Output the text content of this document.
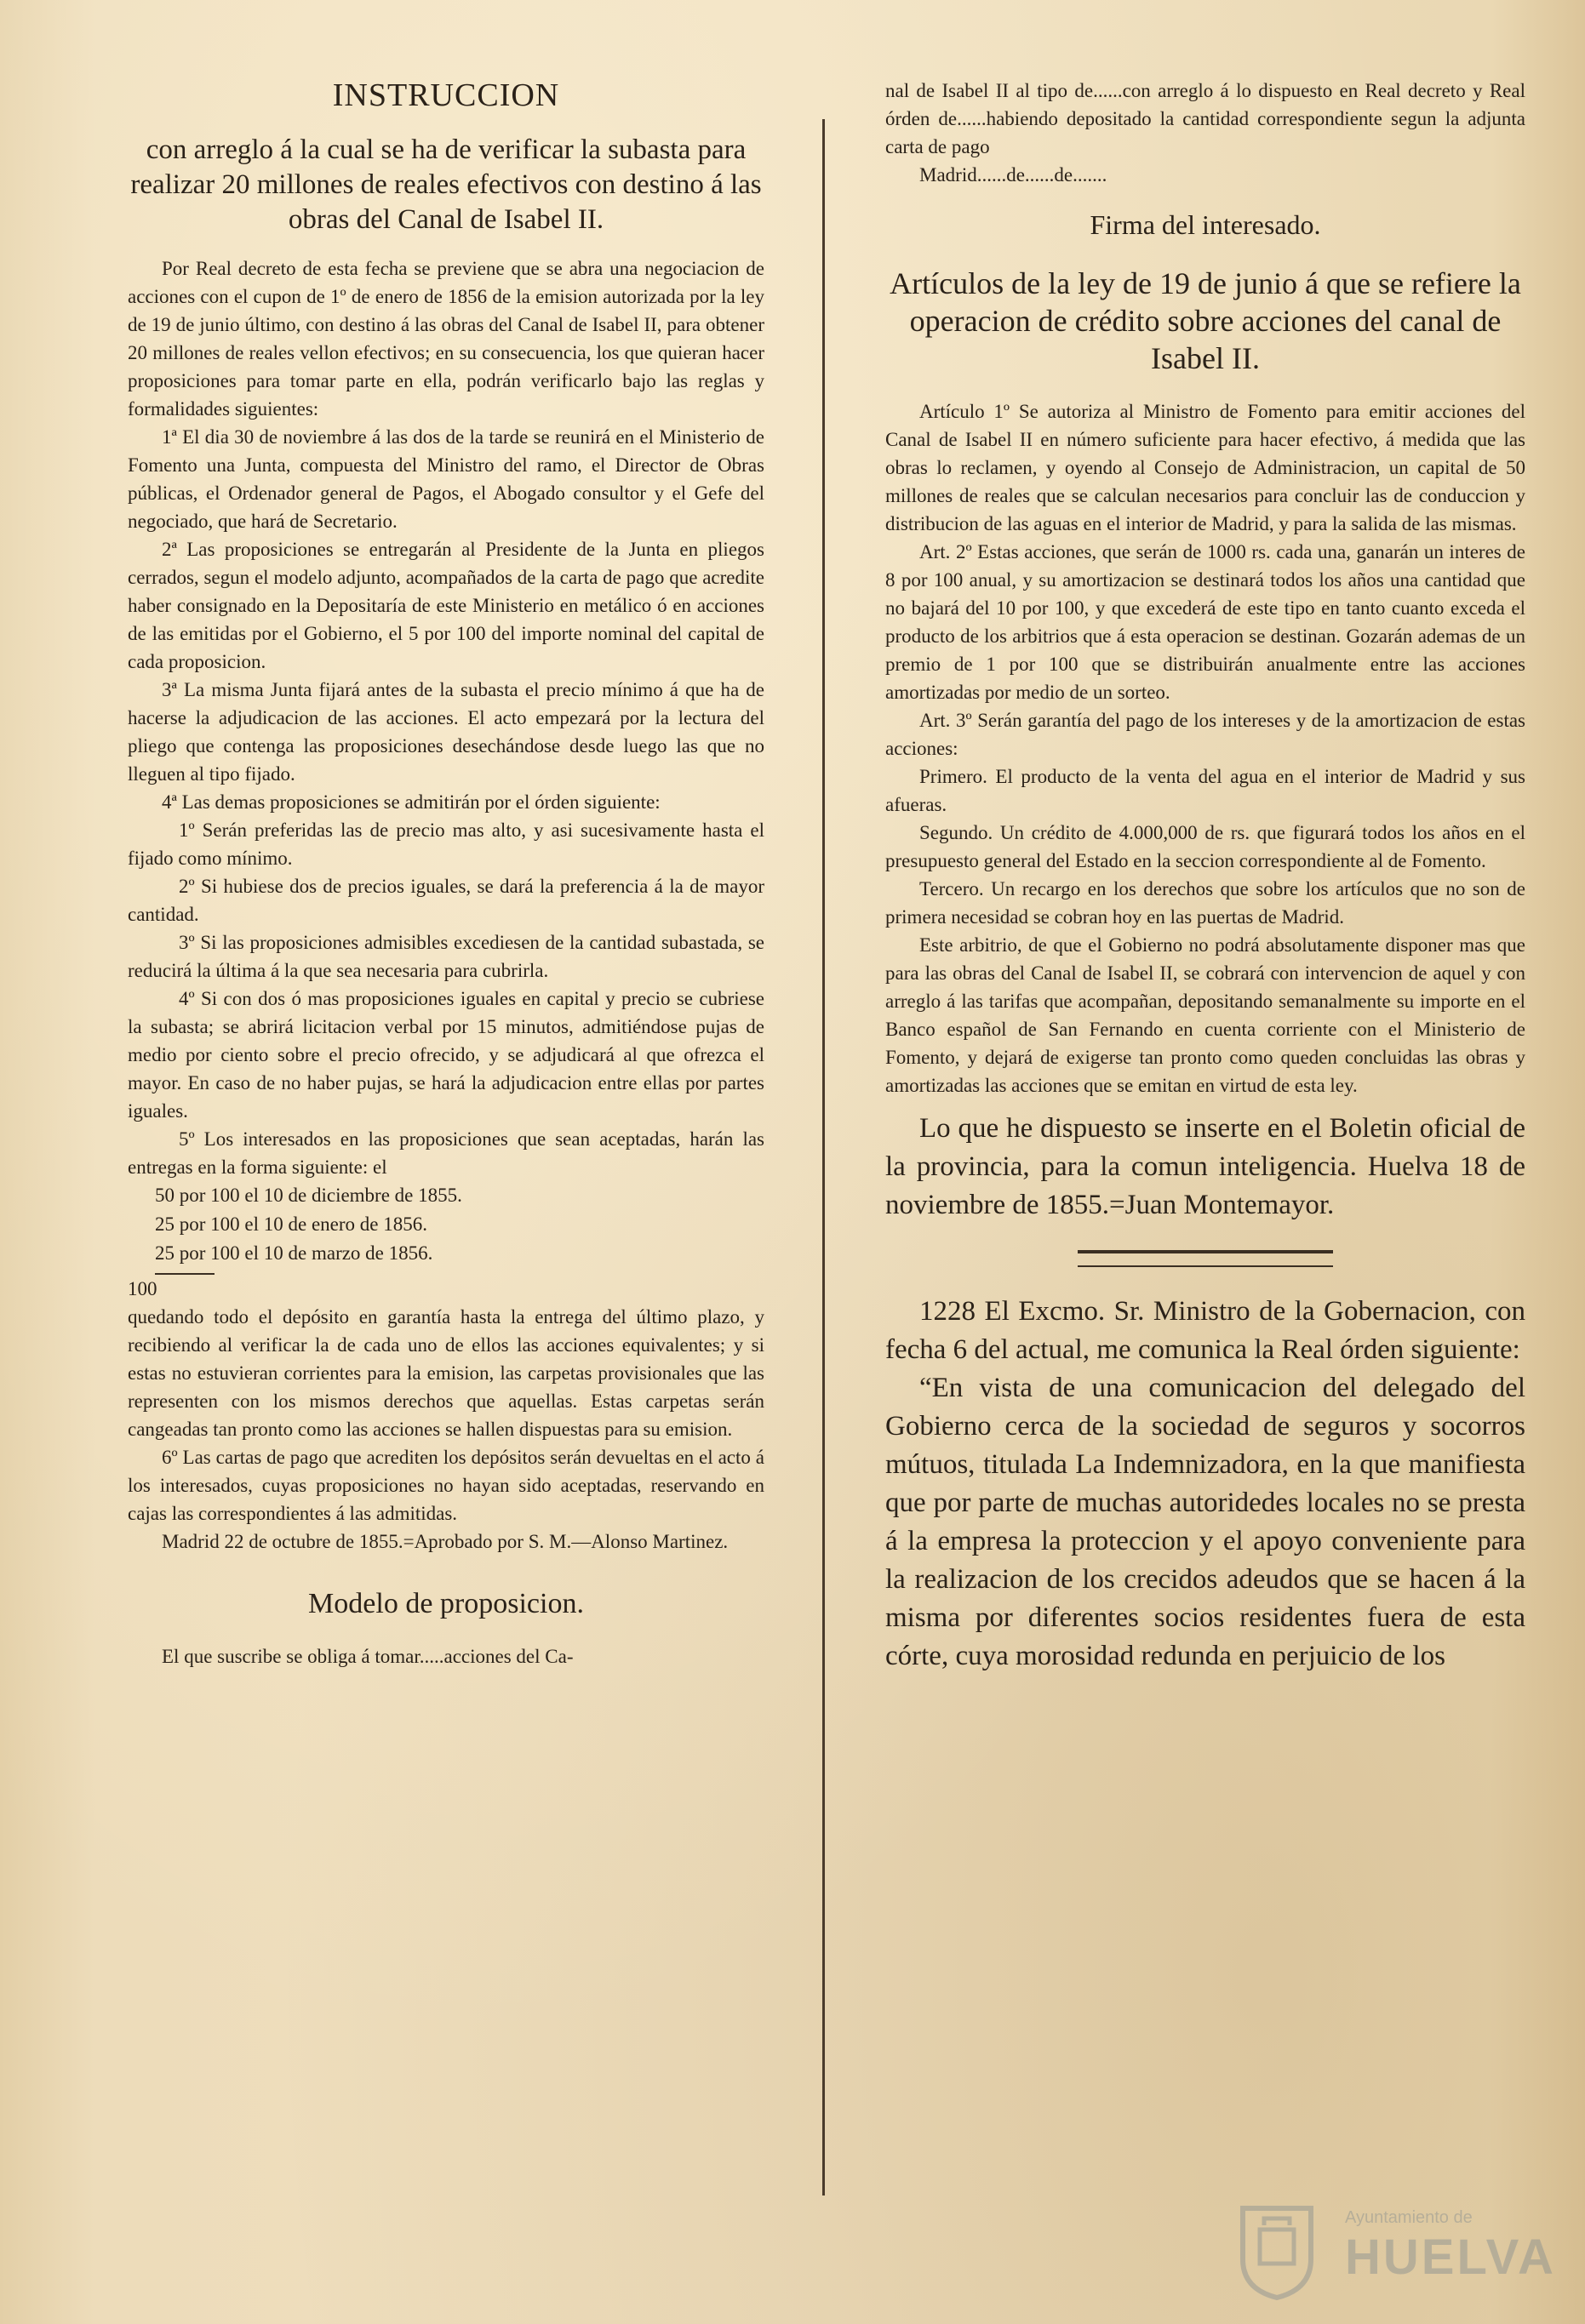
INSTRUCCION
con arreglo á la cual se ha de verificar la subasta para realizar 20 millones de reales efectivos con destino á las obras del Canal de Isabel II.

Por Real decreto de esta fecha se previene que se abra una negociacion de acciones con el cupon de 1º de enero de 1856 de la emision autorizada por la ley de 19 de junio último, con destino á las obras del Canal de Isabel II, para obtener 20 millones de reales vellon efectivos; en su consecuencia, los que quieran hacer proposiciones para tomar parte en ella, podrán verificarlo bajo las reglas y formalidades siguientes:

1ª El dia 30 de noviembre á las dos de la tarde se reunirá en el Ministerio de Fomento una Junta, compuesta del Ministro del ramo, el Director de Obras públicas, el Ordenador general de Pagos, el Abogado consultor y el Gefe del negociado, que hará de Secretario.

2ª Las proposiciones se entregarán al Presidente de la Junta en pliegos cerrados, segun el modelo adjunto, acompañados de la carta de pago que acredite haber consignado en la Depositaría de este Ministerio en metálico ó en acciones de las emitidas por el Gobierno, el 5 por 100 del importe nominal del capital de cada proposicion.

3ª La misma Junta fijará antes de la subasta el precio mínimo á que ha de hacerse la adjudicacion de las acciones. El acto empezará por la lectura del pliego que contenga las proposiciones desechándose desde luego las que no lleguen al tipo fijado.

4ª Las demas proposiciones se admitirán por el órden siguiente:

1º Serán preferidas las de precio mas alto, y asi sucesivamente hasta el fijado como mínimo.

2º Si hubiese dos de precios iguales, se dará la preferencia á la de mayor cantidad.

3º Si las proposiciones admisibles excediesen de la cantidad subastada, se reducirá la última á la que sea necesaria para cubrirla.

4º Si con dos ó mas proposiciones iguales en capital y precio se cubriese la subasta; se abrirá licitacion verbal por 15 minutos, admitiéndose pujas de medio por ciento sobre el precio ofrecido, y se adjudicará al que ofrezca el mayor. En caso de no haber pujas, se hará la adjudicacion entre ellas por partes iguales.

5º Los interesados en las proposiciones que sean aceptadas, harán las entregas en la forma siguiente: el

50 por 100 el 10 de diciembre de 1855.

25 por 100 el 10 de enero de 1856.

25 por 100 el 10 de marzo de 1856.

100

quedando todo el depósito en garantía hasta la entrega del último plazo, y recibiendo al verificar la de cada uno de ellos las acciones equivalentes; y si estas no estuvieran corrientes para la emision, las carpetas provisionales que las representen con los mismos derechos que aquellas. Estas carpetas serán cangeadas tan pronto como las acciones se hallen dispuestas para su emision.

6º Las cartas de pago que acrediten los depósitos serán devueltas en el acto á los interesados, cuyas proposiciones no hayan sido aceptadas, reservando en cajas las correspondientes á las admitidas.

Madrid 22 de octubre de 1855.=Aprobado por S. M.—Alonso Martinez.

Modelo de proposicion.

El que suscribe se obliga á tomar.....acciones del Ca-

nal de Isabel II al tipo de......con arreglo á lo dispuesto en Real decreto y Real órden de......habiendo depositado la cantidad correspondiente segun la adjunta carta de pago

Madrid......de......de.......

Firma del interesado.
Artículos de la ley de 19 de junio á que se refiere la operacion de crédito sobre acciones del canal de Isabel II.

Artículo 1º Se autoriza al Ministro de Fomento para emitir acciones del Canal de Isabel II en número suficiente para hacer efectivo, á medida que las obras lo reclamen, y oyendo al Consejo de Administracion, un capital de 50 millones de reales que se calculan necesarios para concluir las de conduccion y distribucion de las aguas en el interior de Madrid, y para la salida de las mismas.

Art. 2º Estas acciones, que serán de 1000 rs. cada una, ganarán un interes de 8 por 100 anual, y su amortizacion se destinará todos los años una cantidad que no bajará del 10 por 100, y que excederá de este tipo en tanto cuanto exceda el producto de los arbitrios que á esta operacion se destinan. Gozarán ademas de un premio de 1 por 100 que se distribuirán anualmente entre las acciones amortizadas por medio de un sorteo.

Art. 3º Serán garantía del pago de los intereses y de la amortizacion de estas acciones:

Primero. El producto de la venta del agua en el interior de Madrid y sus afueras.

Segundo. Un crédito de 4.000,000 de rs. que figurará todos los años en el presupuesto general del Estado en la seccion correspondiente al de Fomento.

Tercero. Un recargo en los derechos que sobre los artículos que no son de primera necesidad se cobran hoy en las puertas de Madrid.

Este arbitrio, de que el Gobierno no podrá absolutamente disponer mas que para las obras del Canal de Isabel II, se cobrará con intervencion de aquel y con arreglo á las tarifas que acompañan, depositando semanalmente su importe en el Banco español de San Fernando en cuenta corriente con el Ministerio de Fomento, y dejará de exigerse tan pronto como queden concluidas las obras y amortizadas las acciones que se emitan en virtud de esta ley.

Lo que he dispuesto se inserte en el Boletin oficial de la provincia, para la comun inteligencia. Huelva 18 de noviembre de 1855.=Juan Montemayor.

1228 El Excmo. Sr. Ministro de la Gobernacion, con fecha 6 del actual, me comunica la Real órden siguiente:

“En vista de una comunicacion del delegado del Gobierno cerca de la sociedad de seguros y socorros mútuos, titulada La Indemnizadora, en la que manifiesta que por parte de muchas autoridedes locales no se presta á la empresa la proteccion y el apoyo conveniente para la realizacion de los crecidos adeudos que se hacen á la misma por diferentes socios residentes fuera de esta córte, cuya morosidad redunda en perjuicio de los

Ayuntamiento de
HUELVA
